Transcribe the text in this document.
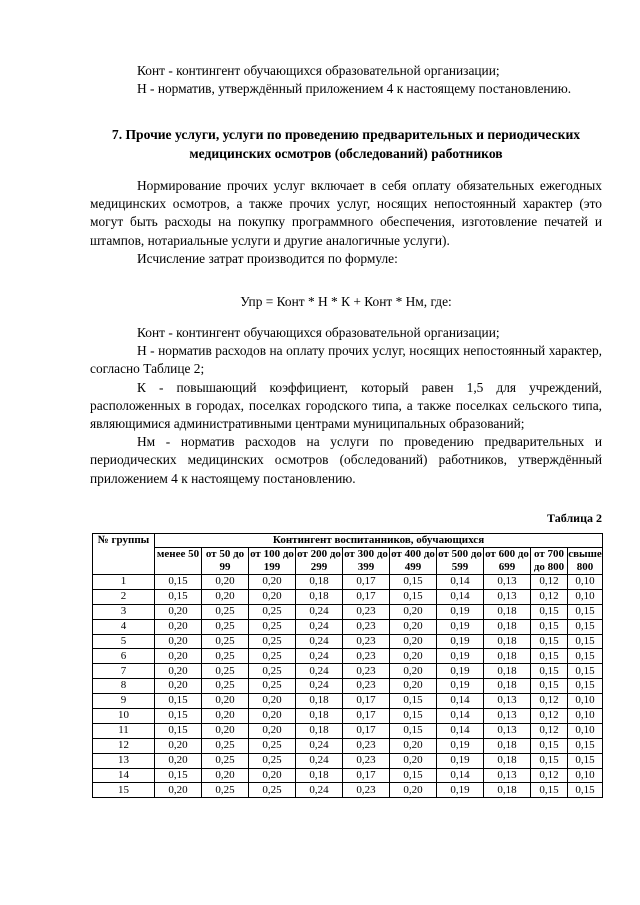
Конт - контингент обучающихся образовательной организации;

Н - норматив, утверждённый приложением 4 к настоящему постановлению.

7. Прочие услуги, услуги по проведению предварительных и периодических медицинских осмотров (обследований) работников

Нормирование прочих услуг включает в себя оплату обязательных ежегодных медицинских осмотров, а также прочих услуг, носящих непостоянный характер (это могут быть расходы на покупку программного обеспечения, изготовление печатей и штампов, нотариальные услуги и другие аналогичные услуги).

Исчисление затрат производится по формуле:

Упр = Конт * Н * К + Конт * Нм, где:

Конт - контингент обучающихся образовательной организации;

Н - норматив расходов на оплату прочих услуг, носящих непостоянный характер, согласно Таблице 2;

К - повышающий коэффициент, который равен 1,5 для учреждений, расположенных в городах, поселках городского типа, а также поселках сельского типа, являющимися административными центрами муниципальных образований;

Нм - норматив расходов на услуги по проведению предварительных и периодических медицинских осмотров (обследований) работников, утверждённый приложением 4 к настоящему постановлению.

Таблица 2
№ группы	Контингент воспитанников, обучающихся									
	менее 50	от 50 до 99	от 100 до 199	от 200 до 299	от 300 до 399	от 400 до 499	от 500 до 599	от 600 до 699	от 700 до 800	свыше 800
1	0,15	0,20	0,20	0,18	0,17	0,15	0,14	0,13	0,12	0,10
2	0,15	0,20	0,20	0,18	0,17	0,15	0,14	0,13	0,12	0,10
3	0,20	0,25	0,25	0,24	0,23	0,20	0,19	0,18	0,15	0,15
4	0,20	0,25	0,25	0,24	0,23	0,20	0,19	0,18	0,15	0,15
5	0,20	0,25	0,25	0,24	0,23	0,20	0,19	0,18	0,15	0,15
6	0,20	0,25	0,25	0,24	0,23	0,20	0,19	0,18	0,15	0,15
7	0,20	0,25	0,25	0,24	0,23	0,20	0,19	0,18	0,15	0,15
8	0,20	0,25	0,25	0,24	0,23	0,20	0,19	0,18	0,15	0,15
9	0,15	0,20	0,20	0,18	0,17	0,15	0,14	0,13	0,12	0,10
10	0,15	0,20	0,20	0,18	0,17	0,15	0,14	0,13	0,12	0,10
11	0,15	0,20	0,20	0,18	0,17	0,15	0,14	0,13	0,12	0,10
12	0,20	0,25	0,25	0,24	0,23	0,20	0,19	0,18	0,15	0,15
13	0,20	0,25	0,25	0,24	0,23	0,20	0,19	0,18	0,15	0,15
14	0,15	0,20	0,20	0,18	0,17	0,15	0,14	0,13	0,12	0,10
15	0,20	0,25	0,25	0,24	0,23	0,20	0,19	0,18	0,15	0,15
